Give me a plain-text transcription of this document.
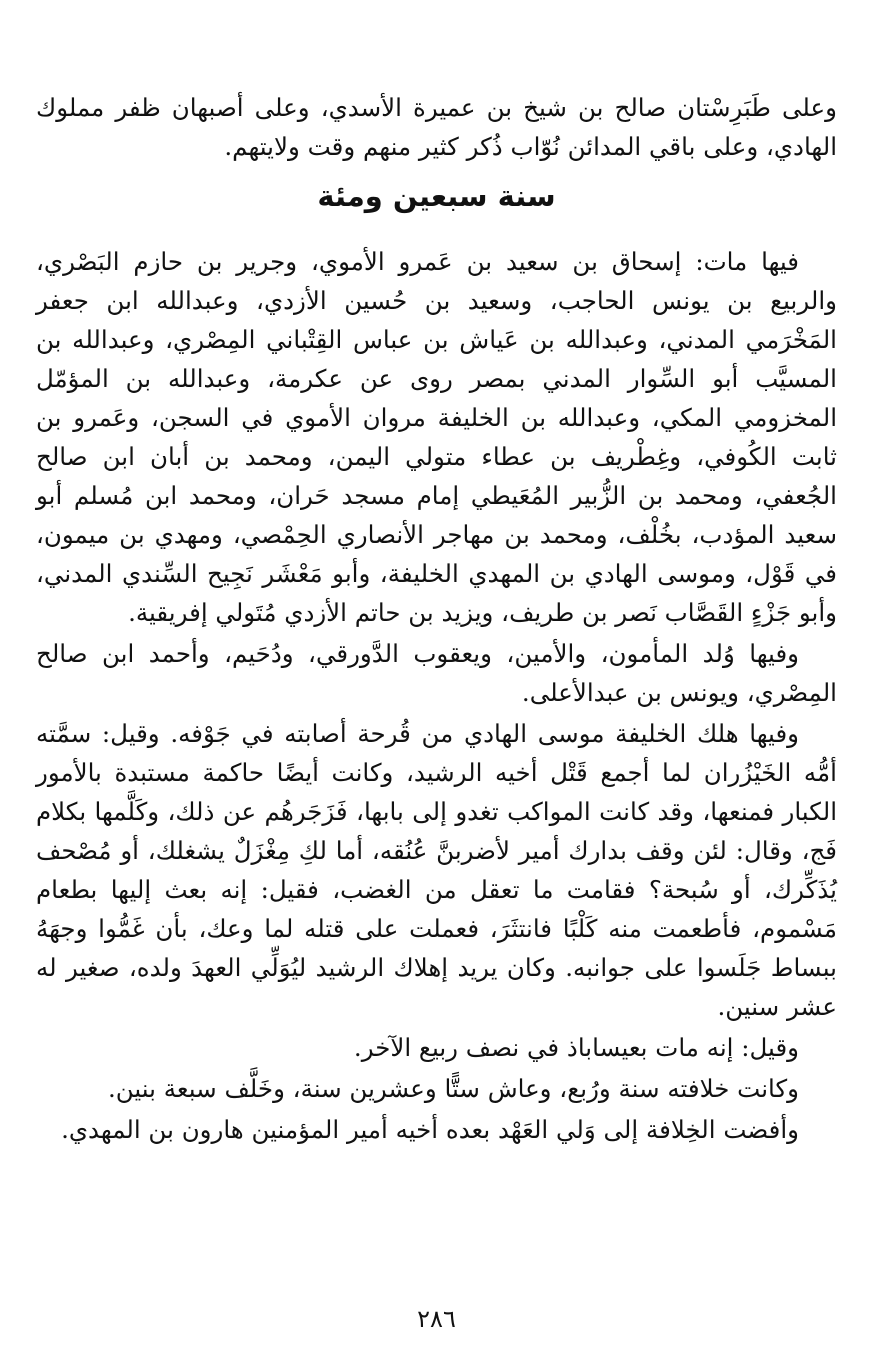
وعلى طَبَرِسْتان صالح بن شيخ بن عميرة الأسدي، وعلى أصبهان ظفر مملوك الهادي، وعلى باقي المدائن نُوّاب ذُكر كثير منهم وقت ولايتهم.

سنة سبعين ومئة

فيها مات: إسحاق بن سعيد بن عَمرو الأموي، وجرير بن حازم البَصْري، والربيع بن يونس الحاجب، وسعيد بن حُسين الأزدي، وعبدالله ابن جعفر المَخْرَمي المدني، وعبدالله بن عَياش بن عباس القِتْباني المِصْري، وعبدالله بن المسيَّب أبو السِّوار المدني بمصر روى عن عكرمة، وعبدالله بن المؤمّل المخزومي المكي، وعبدالله بن الخليفة مروان الأموي في السجن، وعَمرو بن ثابت الكُوفي، وغِطْريف بن عطاء متولي اليمن، ومحمد بن أبان ابن صالح الجُعفي، ومحمد بن الزُّبير المُعَيطي إمام مسجد حَران، ومحمد ابن مُسلم أبو سعيد المؤدب، بخُلْف، ومحمد بن مهاجر الأنصاري الحِمْصي، ومهدي بن ميمون، في قَوْل، وموسى الهادي بن المهدي الخليفة، وأبو مَعْشَر نَجِيح السِّندي المدني، وأبو جَزْءٍ القَصَّاب نَصر بن طريف، ويزيد بن حاتم الأزدي مُتَولي إفريقية.

وفيها وُلد المأمون، والأمين، ويعقوب الدَّورقي، ودُحَيم، وأحمد ابن صالح المِصْري، ويونس بن عبدالأعلى.

وفيها هلك الخليفة موسى الهادي من قُرحة أصابته في جَوْفه. وقيل: سمَّته أمُّه الخَيْزُران لما أجمع قَتْل أخيه الرشيد، وكانت أيضًا حاكمة مستبدة بالأمور الكبار فمنعها، وقد كانت المواكب تغدو إلى بابها، فَزَجَرهُم عن ذلك، وكَلَّمها بكلام فَج، وقال: لئن وقف بدارك أمير لأضربنَّ عُنُقه، أما لكِ مِغْزَلٌ يشغلك، أو مُصْحف يُذَكِّرك، أو سُبحة؟ فقامت ما تعقل من الغضب، فقيل: إنه بعث إليها بطعام مَسْموم، فأطعمت منه كَلْبًا فانتثَرَ، فعملت على قتله لما وعك، بأن غَمُّوا وجهَهُ ببساط جَلَسوا على جوانبه. وكان يريد إهلاك الرشيد ليُوَلِّي العهدَ ولده، صغير له عشر سنين.

وقيل: إنه مات بعيساباذ في نصف ربيع الآخر.

وكانت خلافته سنة ورُبع، وعاش ستًّا وعشرين سنة، وخَلَّف سبعة بنين.

وأفضت الخِلافة إلى وَلي العَهْد بعده أخيه أمير المؤمنين هارون بن المهدي.

٢٨٦
